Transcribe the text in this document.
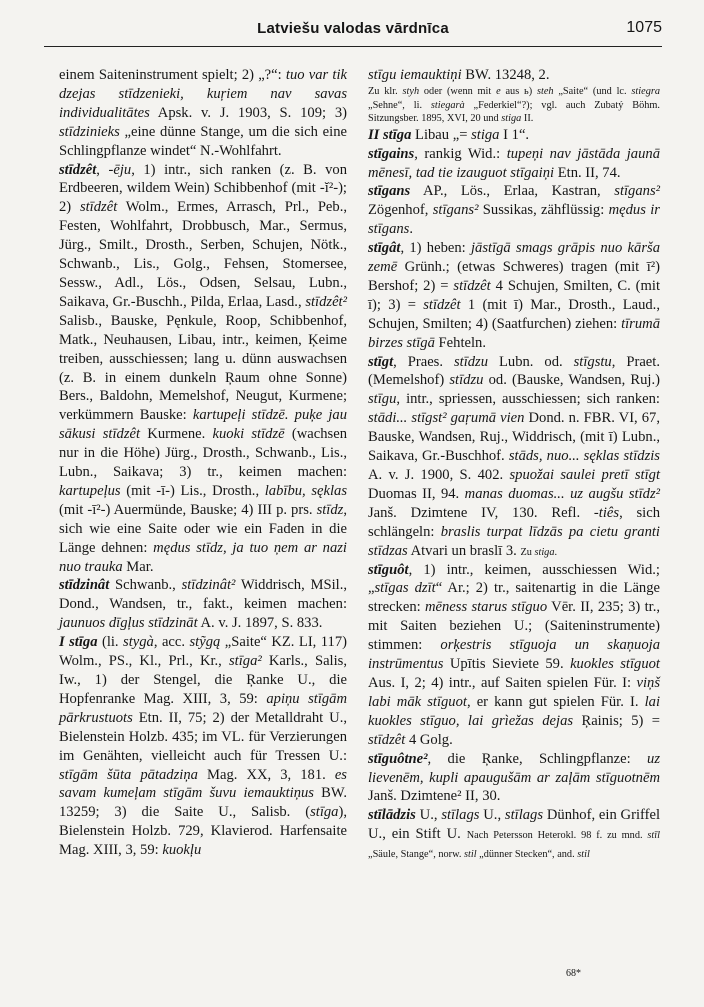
Latviešu valodas vārdnīca	1075

einem Saiteninstrument spielt; 2) „?“: tuo var tik dzejas stīdzenieki, kuŗiem nav savas individualitātes Apsk. v. J. 1903, S. 109; 3) stīdzinieks „eine dünne Stange, um die sich eine Schlingpflanze windet“ N.-Wohlfahrt.

stīdzêt, -ēju, 1) intr., sich ranken (z. B. von Erdbeeren, wildem Wein) Schibbenhof (mit -ĭ²-); 2) stīdzêt Wolm., Ermes, Arrasch, Prl., Peb., Festen, Wohlfahrt, Drobbusch, Mar., Sermus, Jürg., Smilt., Drosth., Serben, Schujen, Nötk., Schwanb., Lis., Golg., Fehsen, Stomersee, Sessw., Adl., Lös., Odsen, Selsau, Lubn., Saikava, Gr.-Buschh., Pilda, Erlaa, Lasd., stīdzêt² Salisb., Bauske, Pęnkule, Roop, Schibbenhof, Matk., Neuhausen, Libau, intr., keimen, Ķeime treiben, ausschiessen; lang u. dünn auswachsen (z. B. in einem dunkeln Ŗaum ohne Sonne) Bers., Baldohn, Memelshof, Neugut, Kurmene; verkümmern Bauske: kartupeļi stīdzē. puķe jau sākusi stīdzêt Kurmene. kuoki stīdzē (wachsen nur in die Höhe) Jürg., Drosth., Schwanb., Lis., Lubn., Saikava; 3) tr., keimen machen: kartupeļus (mit -ī-) Lis., Drosth., labību, sęklas (mit -ī²-) Auermünde, Bauske; 4) III p. prs. stīdz, sich wie eine Saite oder wie ein Faden in die Länge dehnen: mędus stīdz, ja tuo ņem ar nazi nuo trauka Mar.

stīdzinât Schwanb., stīdzinât² Widdrisch, MSil., Dond., Wandsen, tr., fakt., keimen machen: jaunuos dīgļus stīdzināt A. v. J. 1897, S. 833.

I stīga (li. stygà, acc. stỹgą „Saite“ KZ. LI, 117) Wolm., PS., Kl., Prl., Kr., stīga² Karls., Salis, Iw., 1) der Stengel, die Ŗanke U., die Hopfenranke Mag. XIII, 3, 59: apiņu stīgām pārkrustuots Etn. II, 75; 2) der Metalldraht U., Bielenstein Holzb. 435; im VL. für Verzierungen im Genähten, vielleicht auch für Tressen U.: stīgām šūta pātadziņa Mag. XX, 3, 181. es savam kumeļam stīgām šuvu iemauktiņus BW. 13259; 3) die Saite U., Salisb. (stīga), Bielenstein Holzb. 729, Klavierod. Harfensaite Mag. XIII, 3, 59: kuokļu

stīgu iemauktiņi BW. 13248, 2.

Zu klr. styh oder (wenn mit e aus ь) steh „Saite“ (und lc. stiegra „Sehne“, li. stiegarà „Federkiel“?); vgl. auch Zubatý Böhm. Sitzungsber. 1895, XVI, 20 und stiga II.

II stīga Libau „= stiga I 1“.

stīgains, rankig Wid.: tupeņi nav jāstāda jaunā mēnesī, tad tie izauguot stīgaiņi Etn. II, 74.

stīgans AP., Lös., Erlaa, Kastran, stīgans² Zögenhof, stīgans² Sussikas, zähflüssig: mędus ir stīgans.

stīgât, 1) heben: jāstīgā smags grāpis nuo kārša zemē Grünh.; (etwas Schweres) tragen (mit ī²) Bershof; 2) = stīdzêt 4 Schujen, Smilten, C. (mit ī); 3) = stīdzêt 1 (mit ī) Mar., Drosth., Laud., Schujen, Smilten; 4) (Saatfurchen) ziehen: tīrumā birzes stīgā Fehteln.

stīgt, Praes. stīdzu Lubn. od. stīgstu, Praet. (Memelshof) stīdzu od. (Bauske, Wandsen, Ruj.) stīgu, intr., spriessen, ausschiessen; sich ranken: stādi... stīgst² gaŗumā vien Dond. n. FBR. VI, 67, Bauske, Wandsen, Ruj., Widdrisch, (mit ī) Lubn., Saikava, Gr.-Buschhof. stāds, nuo... sęklas stīdzis A. v. J. 1900, S. 402. spuožai saulei pretī stīgt Duomas II, 94. manas duomas... uz augšu stīdz² Janš. Dzimtene IV, 130. Refl. -tiês, sich schlängeln: braslis turpat līdzās pa cietu granti stīdzas Atvari un braslī 3. Zu stiga.

stīguôt, 1) intr., keimen, ausschiessen Wid.; „stīgas dzīt“ Ar.; 2) tr., saitenartig in die Länge strecken: mēness starus stīguo Vēr. II, 235; 3) tr., mit Saiten beziehen U.; (Saiteninstrumente) stimmen: orķestris stīguoja un skaņuoja instrūmentus Upītis Sieviete 59. kuokles stīguot Aus. I, 2; 4) intr., auf Saiten spielen Für. I: viņš labi māk stīguot, er kann gut spielen Für. I. lai kuokles stīguo, lai grìežas dejas Ŗainis; 5) = stīdzêt 4 Golg.

stīguôtne², die Ŗanke, Schlingpflanze: uz lievenēm, kupli apaugušām ar zaļām stīguotnēm Janš. Dzimtene² II, 30.

stīlādzis U., stīlags U., stīlags Dünhof, ein Griffel U., ein Stift U. Nach Petersson Heterokl. 98 f. zu mnd. stīl „Säule, Stange“, norw. stil „dünner Stecken“, and. stil

68*
